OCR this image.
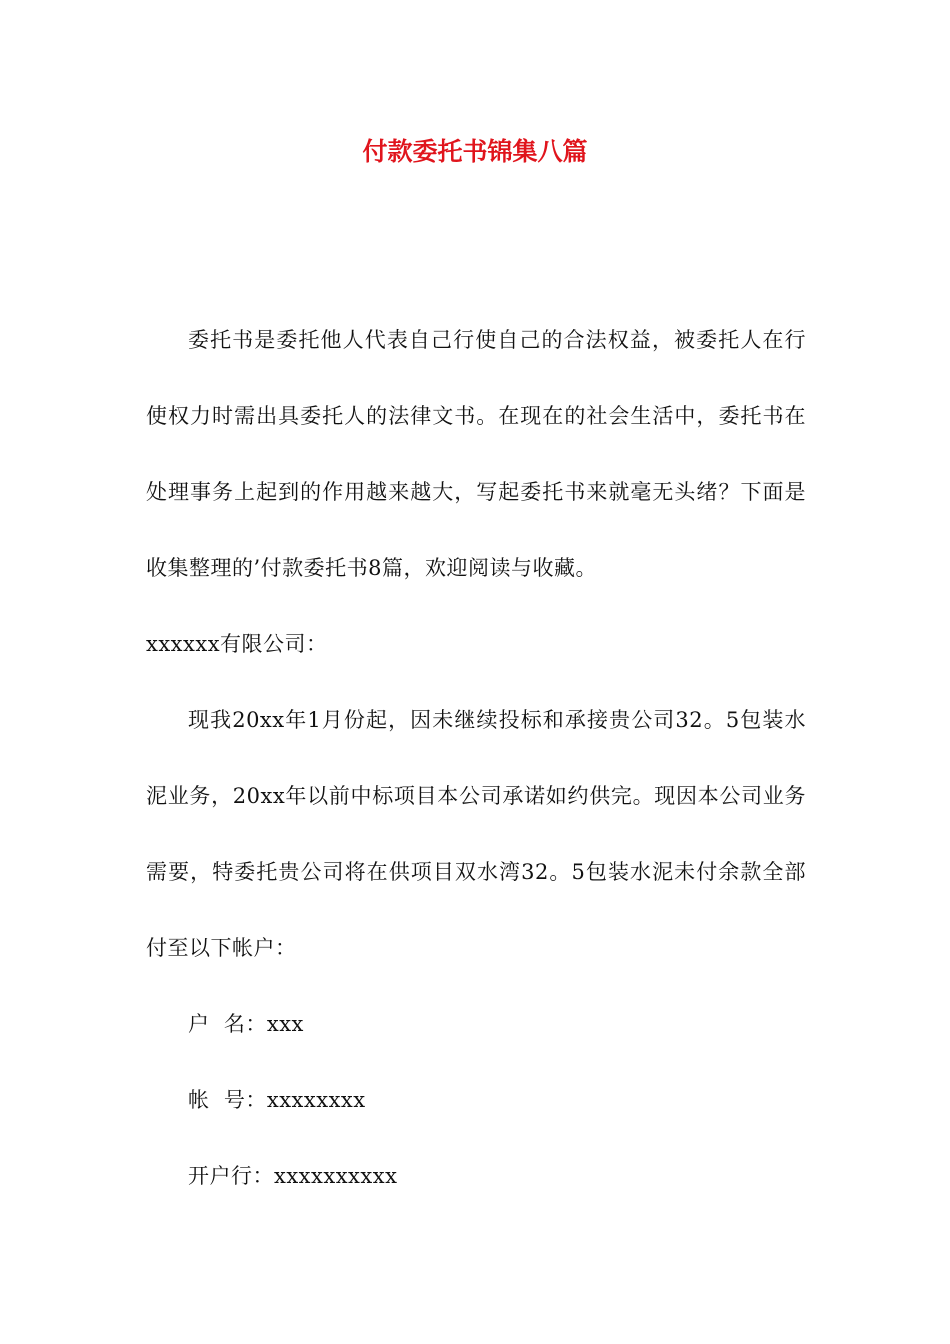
付款委托书锦集八篇

委托书是委托他人代表自己行使自己的合法权益，被委托人在行使权力时需出具委托人的法律文书。在现在的社会生活中，委托书在处理事务上起到的作用越来越大，写起委托书来就毫无头绪？下面是收集整理的’付款委托书8篇，欢迎阅读与收藏。

xxxxxx有限公司：

现我20xx年1月份起，因未继续投标和承接贵公司32。5包装水泥业务，20xx年以前中标项目本公司承诺如约供完。现因本公司业务需要，特委托贵公司将在供项目双水湾32。5包装水泥未付余款全部付至以下帐户：

户  名：xxx

帐  号：xxxxxxxx

开户行：xxxxxxxxxx
